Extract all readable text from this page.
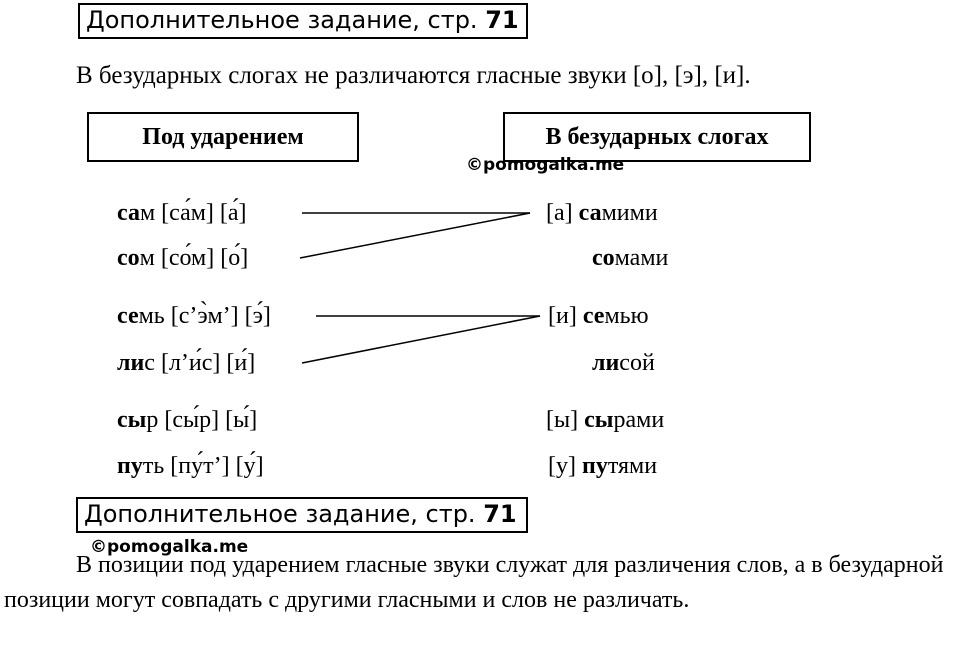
Дополнительное задание, стр. 71
В безударных слогах не различаются гласные звуки [о], [э], [и].
Под ударением	В безударных слогах
©pomogalka.me
сам [са́м] [а́]
сом [со́м] [о́]
семь [с’э̀м’] [э́]
лис [л’и́с] [и́]
сыр [сы́р] [ы́]
путь [пу́т’] [у́]
[а] самими
сомами
[и] семью
лисой
[ы] сырами
[у] путями
Дополнительное задание, стр. 71
©pomogalka.me
В позиции под ударением гласные звуки служат для различения слов, а в безударной позиции могут совпадать с другими гласными и слов не различать.
